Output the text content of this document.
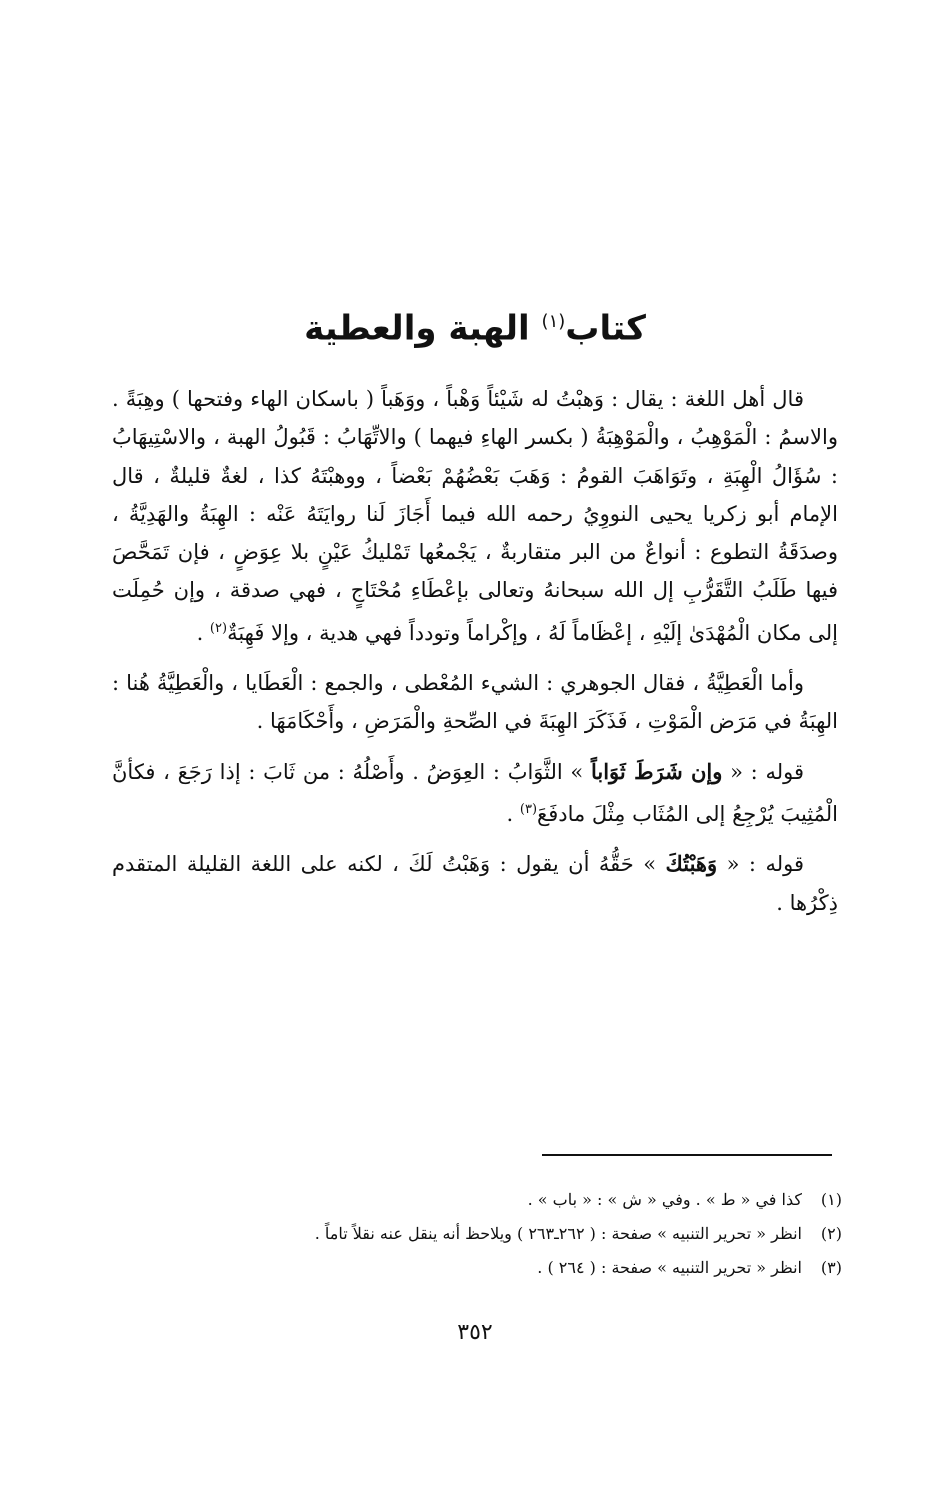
كتاب$^{(١)}$ الهبة والعطية

قال أهل اللغة : يقال : وَهبْتُ له شَيْئاً وَهْباً ، ووَهَباً ( باسكان الهاء وفتحها ) وهِبَةً . والاسمُ : الْمَوْهِبُ ، والْمَوْهِبَةُ ( بكسر الهاءِ فيهما ) والاتِّهَابُ : قَبُولُ الهبة ، والاسْتِيهَابُ : سُؤَالُ الْهِبَةِ ، وتَوَاهَبَ القومُ : وَهَبَ بَعْضُهُمْ بَعْضاً ، ووهبْتَهُ كذا ، لغةٌ قليلةٌ ، قال الإمام أبو زكريا يحيى النووِيُ رحمه الله فيما أَجَازَ لَنا روايَتَهُ عَنْه : الهِبَةُ والهَدِيَّةُ ، وصدَقَةُ التطوع : أنواعٌ من البر متقاربةٌ ، يَجْمعُها تَمْليكُ عَيْنٍ بلا عِوَضٍ ، فإن تَمَحَّصَ فيها طَلَبُ التَّقَرُّبِ إل الله سبحانهُ وتعالى بإعْطَاءِ مُحْتَاجٍ ، فهي صدقة ، وإن حُمِلَت إلى مكان الْمُهْدَىٰ إلَيْهِ ، إعْظَاماً لَهُ ، وإكْراماً وتودداً فهي هدية ، وإلا فَهِبَةٌ$^{(٢)}$ .

وأما الْعَطِيَّةُ ، فقال الجوهري : الشيء المُعْطى ، والجمع : الْعَطَايا ، والْعَطِيَّةُ هُنا : الهِبَةُ في مَرَض الْمَوْتِ ، فَذَكَرَ الهِبَةَ في الصِّحةِ والْمَرَضِ ، وأَحْكَامَهَا .

قوله : « وإن شَرَطَ ثَوَاباً » الثَّوَابُ : العِوَضُ . وأَصْلُهُ : من ثَابَ : إذا رَجَعَ ، فكأنَّ الْمُثِيبَ يُرْجِعُ إلى المُثَاب مِثْلَ مادفَعَ$^{(٣)}$ .

قوله : « وَهَبْتُكَ » حَقُّهُ أن يقول : وَهَبْتُ لَكَ ، لكنه على اللغة القليلة المتقدم ذِكْرُها .

(١)كذا في « ط » . وفي « ش » : « باب » .
(٢)انظر « تحرير التنبيه » صفحة : ( ٢٦٢ـ٢٦٣ ) ويلاحظ أنه ينقل عنه نقلاً تاماً .
(٣)انظر « تحرير التنبيه » صفحة : ( ٢٦٤ ) .
٣٥٢
